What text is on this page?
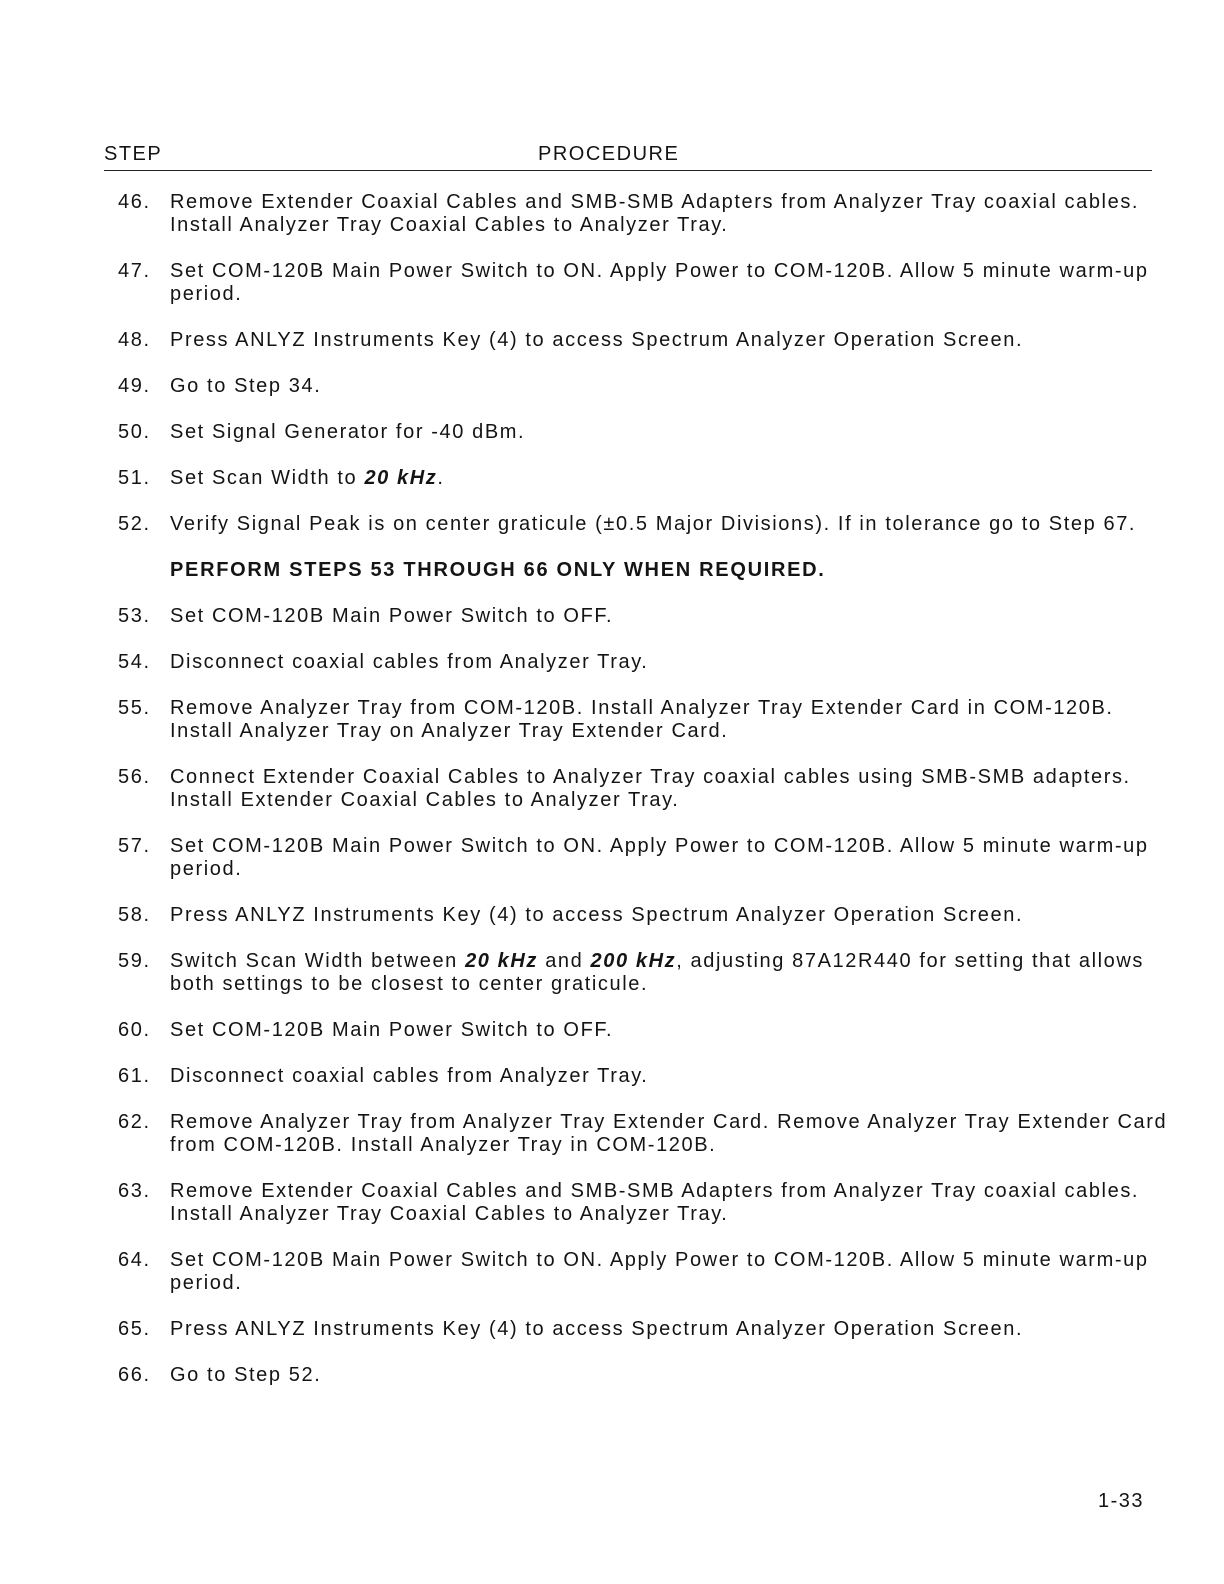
STEP	PROCEDURE
46. Remove Extender Coaxial Cables and SMB-SMB Adapters from Analyzer Tray coaxial cables. Install Analyzer Tray Coaxial Cables to Analyzer Tray.
47. Set COM-120B Main Power Switch to ON. Apply Power to COM-120B. Allow 5 minute warm-up period.
48. Press ANLYZ Instruments Key (4) to access Spectrum Analyzer Operation Screen.
49. Go to Step 34.
50. Set Signal Generator for -40 dBm.
51. Set Scan Width to 20 kHz.
52. Verify Signal Peak is on center graticule (±0.5 Major Divisions). If in tolerance go to Step 67.
PERFORM STEPS 53 THROUGH 66 ONLY WHEN REQUIRED.
53. Set COM-120B Main Power Switch to OFF.
54. Disconnect coaxial cables from Analyzer Tray.
55. Remove Analyzer Tray from COM-120B. Install Analyzer Tray Extender Card in COM-120B. Install Analyzer Tray on Analyzer Tray Extender Card.
56. Connect Extender Coaxial Cables to Analyzer Tray coaxial cables using SMB-SMB adapters. Install Extender Coaxial Cables to Analyzer Tray.
57. Set COM-120B Main Power Switch to ON. Apply Power to COM-120B. Allow 5 minute warm-up period.
58. Press ANLYZ Instruments Key (4) to access Spectrum Analyzer Operation Screen.
59. Switch Scan Width between 20 kHz and 200 kHz, adjusting 87A12R440 for setting that allows both settings to be closest to center graticule.
60. Set COM-120B Main Power Switch to OFF.
61. Disconnect coaxial cables from Analyzer Tray.
62. Remove Analyzer Tray from Analyzer Tray Extender Card. Remove Analyzer Tray Extender Card from COM-120B. Install Analyzer Tray in COM-120B.
63. Remove Extender Coaxial Cables and SMB-SMB Adapters from Analyzer Tray coaxial cables. Install Analyzer Tray Coaxial Cables to Analyzer Tray.
64. Set COM-120B Main Power Switch to ON. Apply Power to COM-120B. Allow 5 minute warm-up period.
65. Press ANLYZ Instruments Key (4) to access Spectrum Analyzer Operation Screen.
66. Go to Step 52.
1-33
